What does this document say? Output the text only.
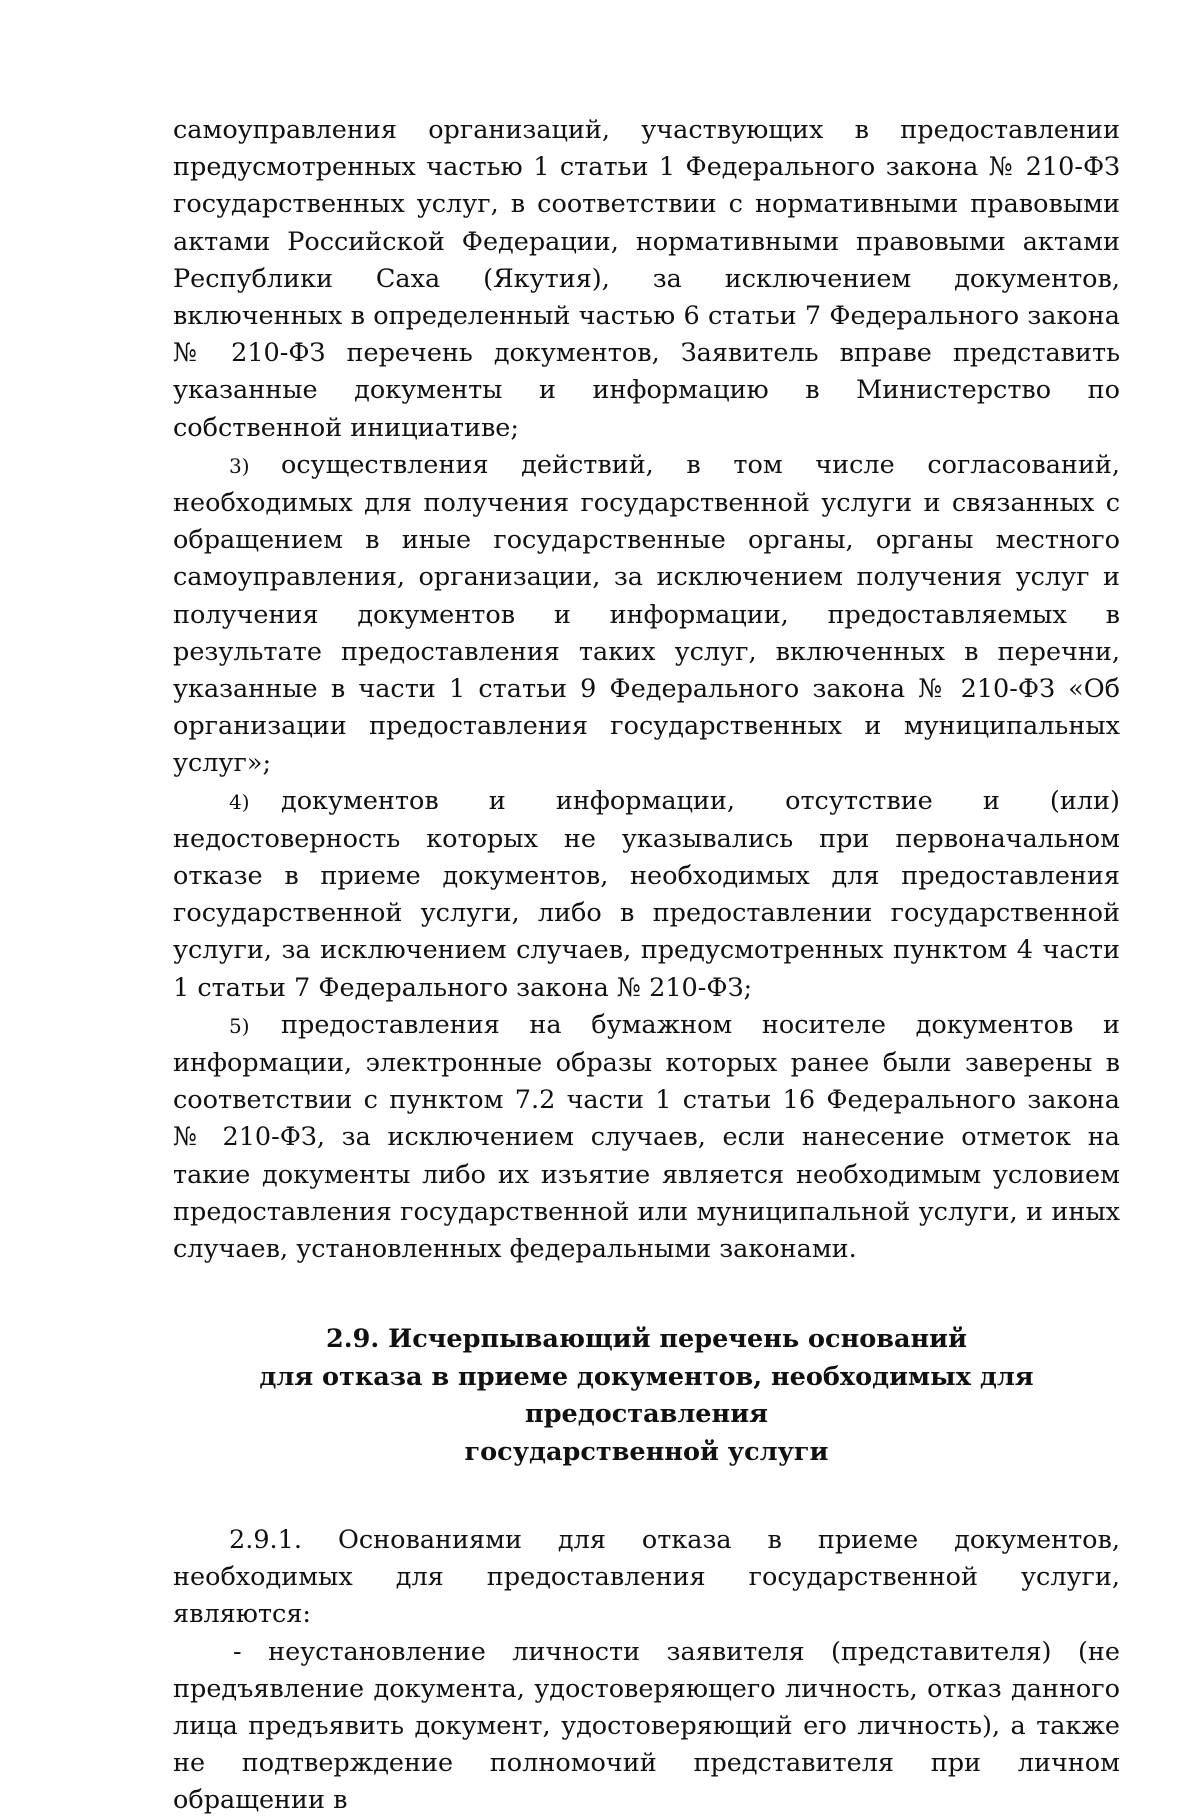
самоуправления организаций, участвующих в предоставлении предусмотренных частью 1 статьи 1 Федерального закона № 210-ФЗ государственных услуг, в соответствии с нормативными правовыми актами Российской Федерации, нормативными правовыми актами Республики Саха (Якутия), за исключением документов, включенных в определенный частью 6 статьи 7 Федерального закона № 210-ФЗ перечень документов, Заявитель вправе представить указанные документы и информацию в Министерство по собственной инициативе;

3) осуществления действий, в том числе согласований, необходимых для получения государственной услуги и связанных с обращением в иные государственные органы, органы местного самоуправления, организации, за исключением получения услуг и получения документов и информации, предоставляемых в результате предоставления таких услуг, включенных в перечни, указанные в части 1 статьи 9 Федерального закона № 210-ФЗ «Об организации предоставления государственных и муниципальных услуг»;

4) документов и информации, отсутствие и (или) недостоверность которых не указывались при первоначальном отказе в приеме документов, необходимых для предоставления государственной услуги, либо в предоставлении государственной услуги, за исключением случаев, предусмотренных пунктом 4 части 1 статьи 7 Федерального закона № 210-ФЗ;

5) предоставления на бумажном носителе документов и информации, электронные образы которых ранее были заверены в соответствии с пунктом 7.2 части 1 статьи 16 Федерального закона № 210-ФЗ, за исключением случаев, если нанесение отметок на такие документы либо их изъятие является необходимым условием предоставления государственной или муниципальной услуги, и иных случаев, установленных федеральными законами.

2.9. Исчерпывающий перечень оснований
для отказа в приеме документов, необходимых для предоставления
государственной услуги

2.9.1. Основаниями для отказа в приеме документов, необходимых для предоставления государственной услуги, являются:

- неустановление личности заявителя (представителя) (не предъявление документа, удостоверяющего личность, отказ данного лица предъявить документ, удостоверяющий его личность), а также не подтверждение полномочий представителя при личном обращении в
